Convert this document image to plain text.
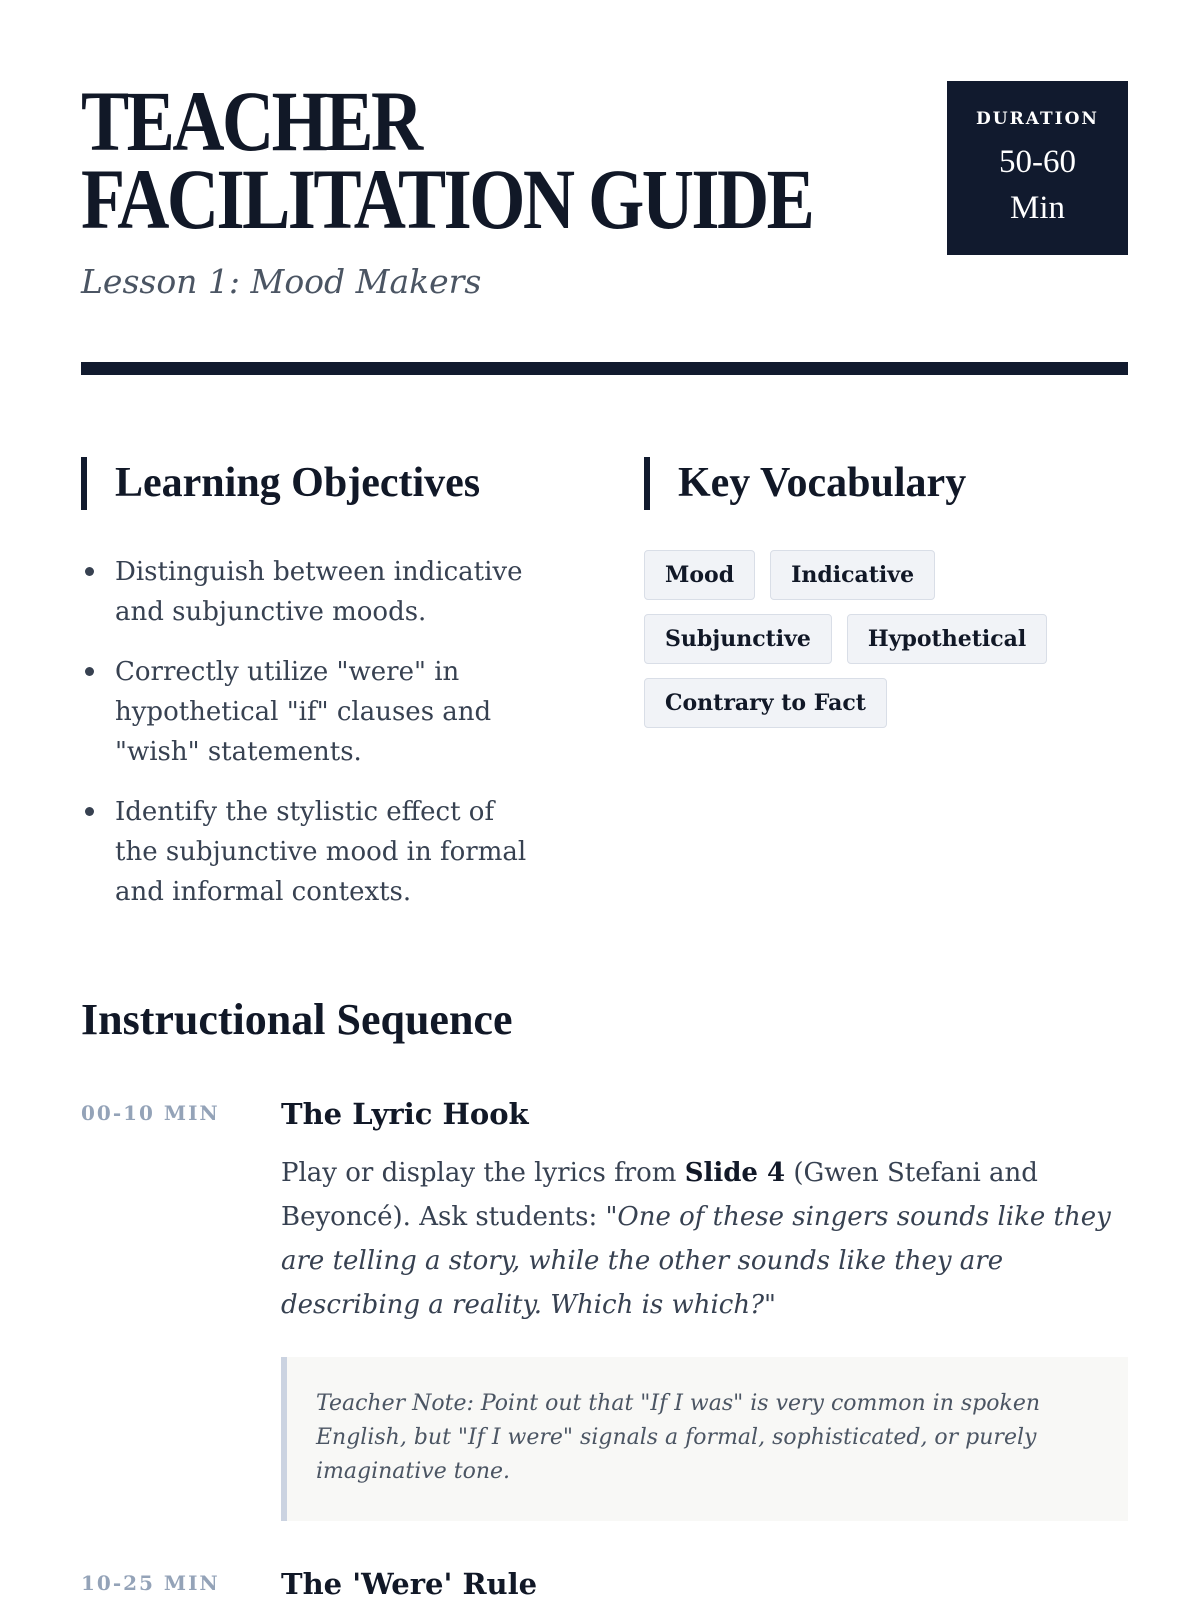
TEACHER
FACILITATION GUIDE
Lesson 1: Mood Makers
DURATION
50-60 Min
Learning Objectives
Distinguish between indicative and subjunctive moods.
Correctly utilize "were" in hypothetical "if" clauses and "wish" statements.
Identify the stylistic effect of the subjunctive mood in formal and informal contexts.
Key Vocabulary
Mood	Indicative
Subjunctive	Hypothetical
Contrary to Fact
Instructional Sequence
00-10 MIN The Lyric Hook
Play or display the lyrics from Slide 4 (Gwen Stefani and Beyoncé). Ask students: "One of these singers sounds like they are telling a story, while the other sounds like they are describing a reality. Which is which?"
Teacher Note: Point out that "If I was" is very common in spoken English, but "If I were" signals a formal, sophisticated, or purely imaginative tone.
10-25 MIN The 'Were' Rule
